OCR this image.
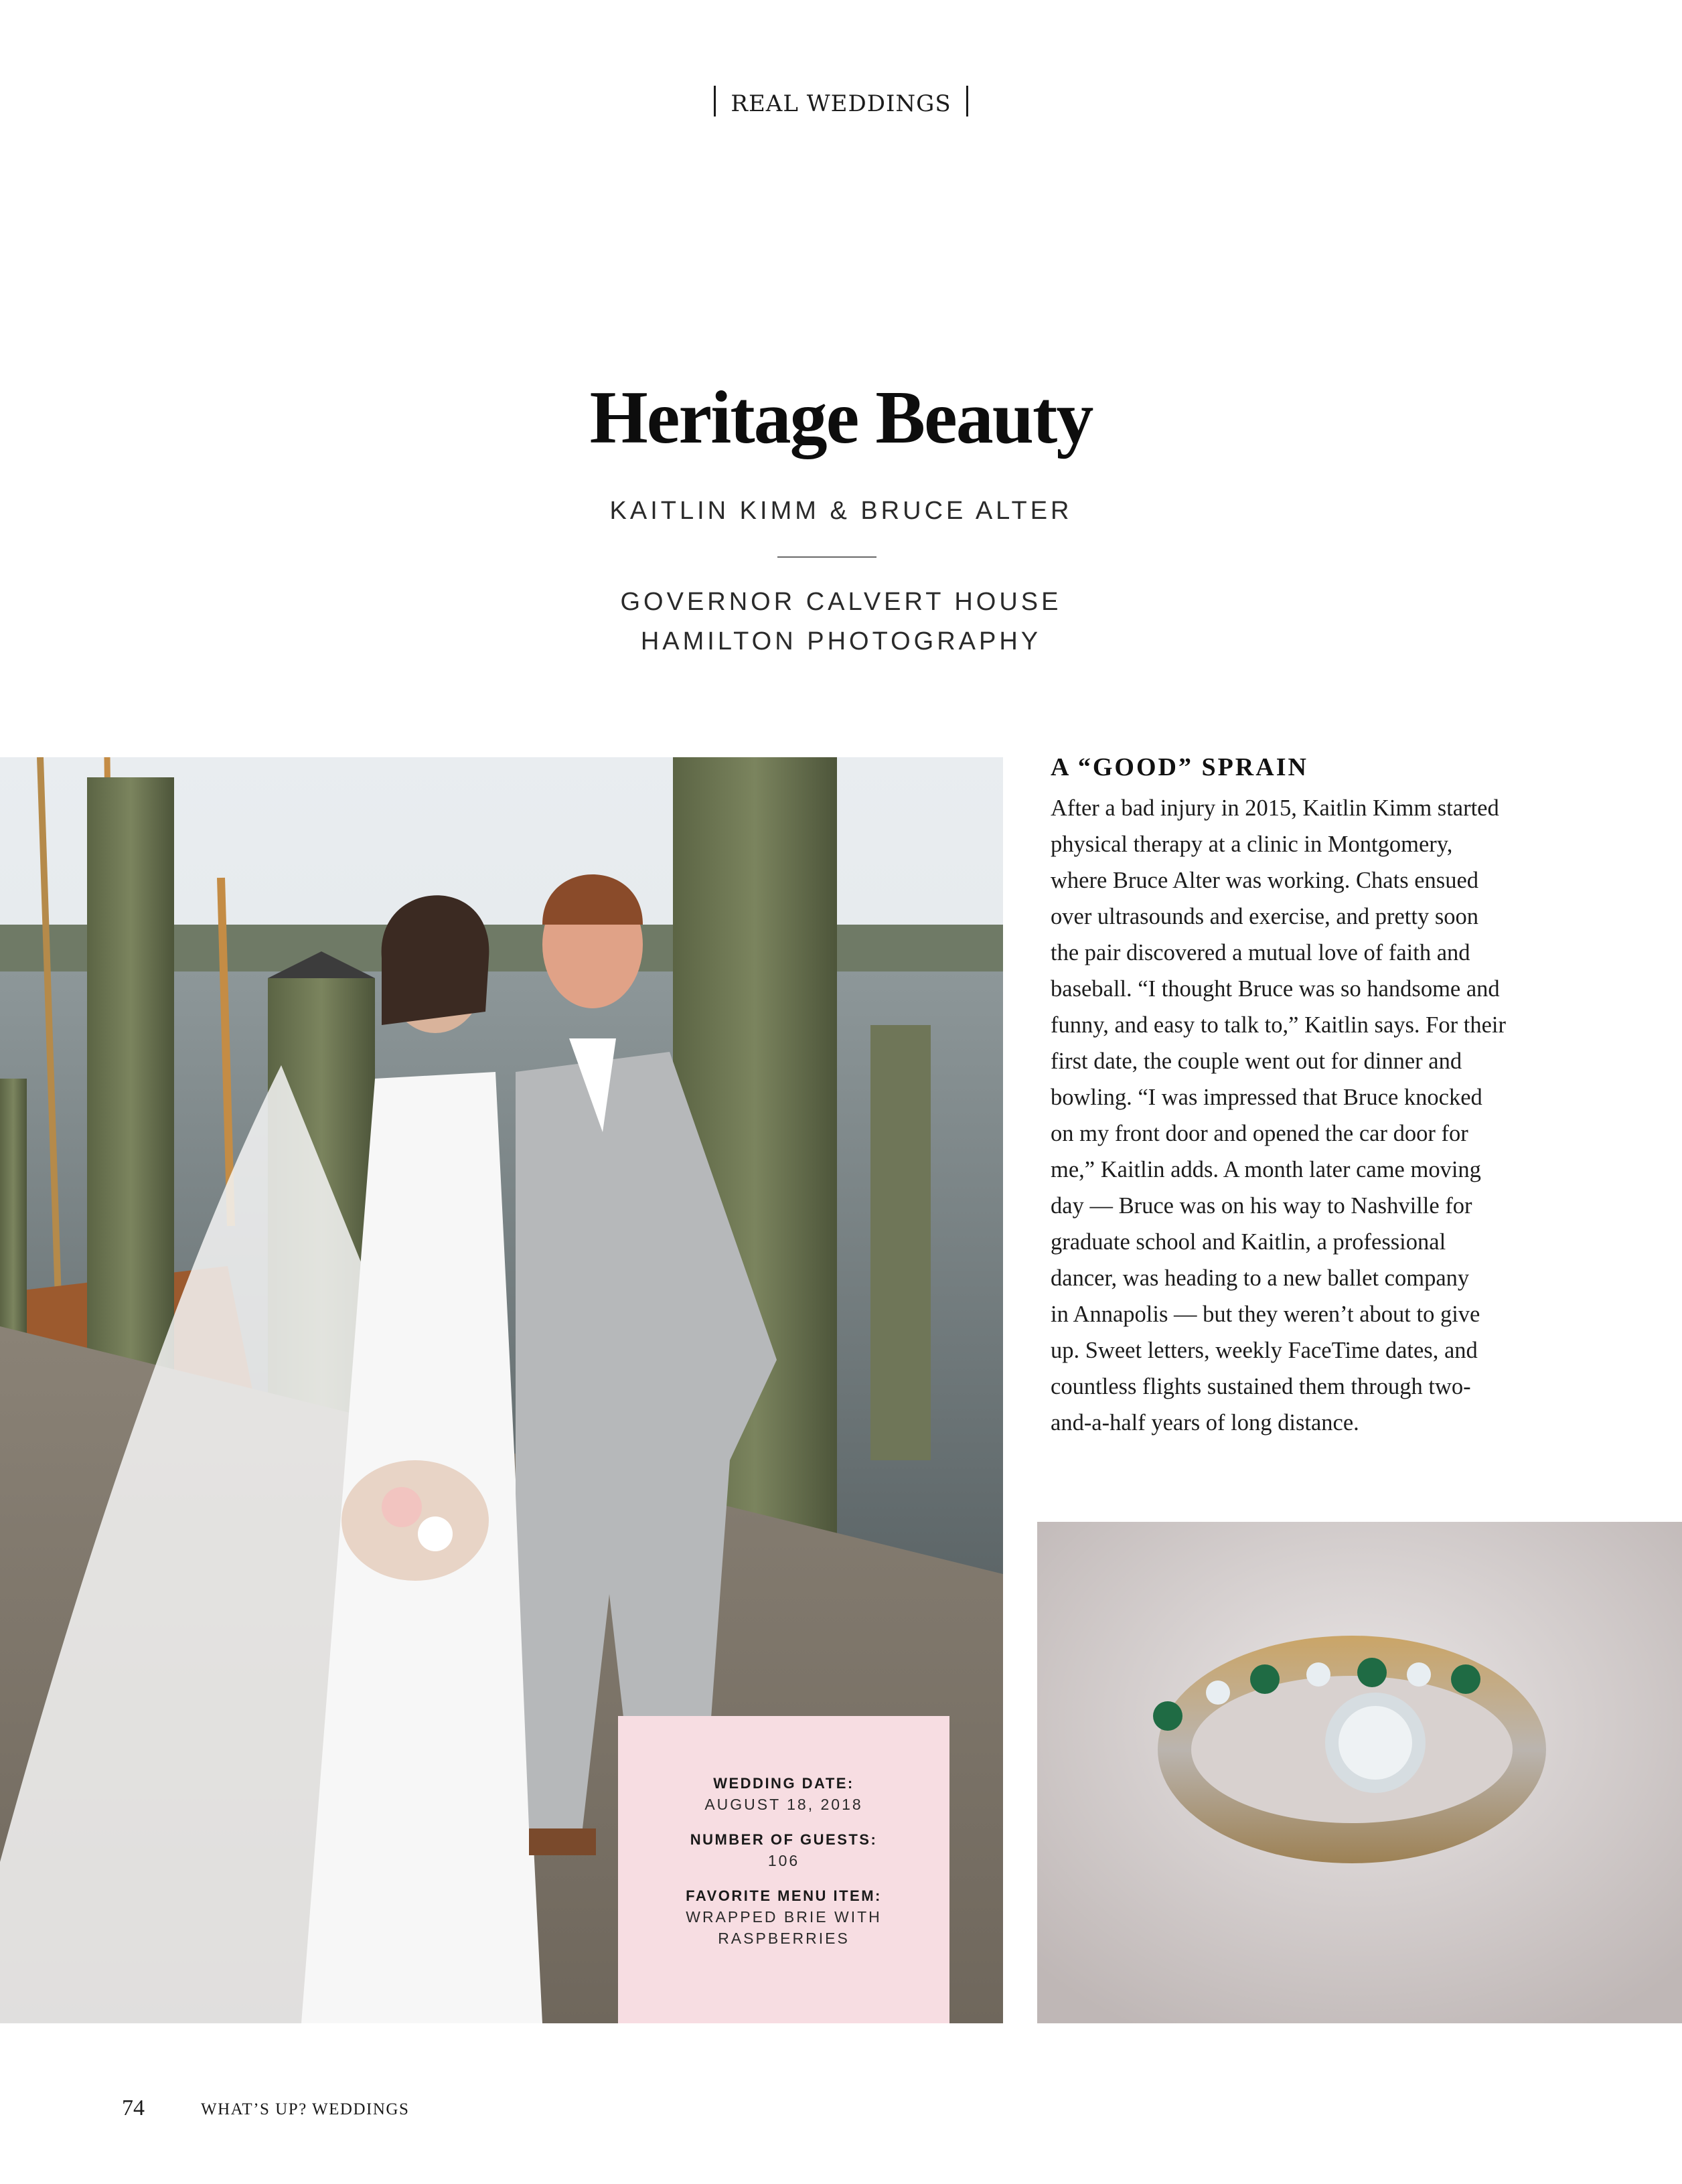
REAL WEDDINGS
Heritage Beauty
KAITLIN KIMM & BRUCE ALTER
GOVERNOR CALVERT HOUSE
HAMILTON PHOTOGRAPHY
A “GOOD” SPRAIN
After a bad injury in 2015, Kaitlin Kimm started
physical therapy at a clinic in Montgomery,
where Bruce Alter was working. Chats ensued
over ultrasounds and exercise, and pretty soon
the pair discovered a mutual love of faith and
baseball. “I thought Bruce was so handsome and
funny, and easy to talk to,” Kaitlin says. For their
first date, the couple went out for dinner and
bowling. “I was impressed that Bruce knocked
on my front door and opened the car door for
me,” Kaitlin adds. A month later came moving
day — Bruce was on his way to Nashville for
graduate school and Kaitlin, a professional
dancer, was heading to a new ballet company
in Annapolis — but they weren’t about to give
up. Sweet letters, weekly FaceTime dates, and
countless flights sustained them through two-
and-a-half years of long distance.
WEDDING DATE:
AUGUST 18, 2018
NUMBER OF GUESTS:
106
FAVORITE MENU ITEM:
WRAPPED BRIE WITH
RASPBERRIES
74	WHAT’S UP? WEDDINGS
